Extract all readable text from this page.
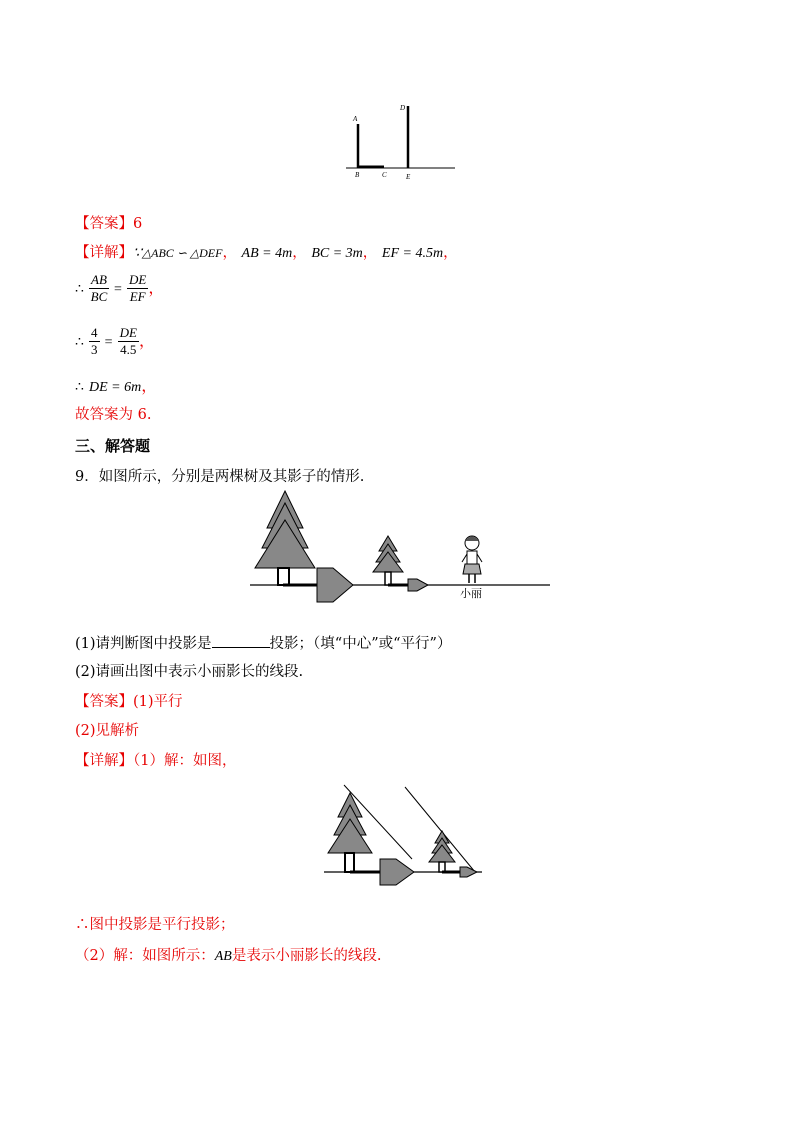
A
B	C
D
E
【答案】6
【详解】∵△ABC ∽ △DEF， AB = 4m， BC = 3m， EF = 4.5m，
∴ $\frac{AB}{BC} = \frac{DE}{EF}$ ，
∴ $\frac{4}{3} = \frac{DE}{4.5}$ ，
∴ DE = 6m，
故答案为 6.
三、解答题
9．如图所示，分别是两棵树及其影子的情形.
小丽
(1)请判断图中投影是	投影；（填“中心”或“平行”）
(2)请画出图中表示小丽影长的线段.
【答案】(1)平行
(2)见解析
【详解】（1）解：如图，
∴图中投影是平行投影；
（2）解：如图所示：AB是表示小丽影长的线段.
